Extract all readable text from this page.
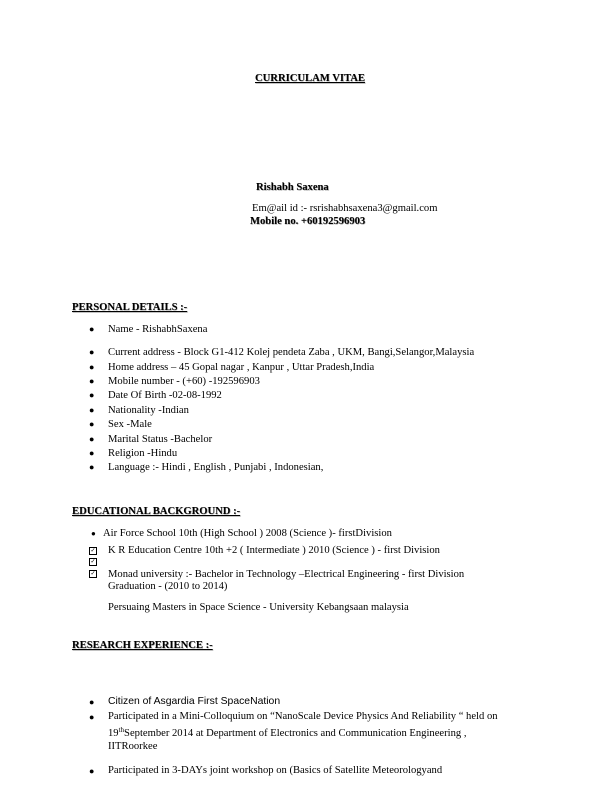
CURRICULAM VITAE
Rishabh Saxena
Em@ail id :- rsrishabhsaxena3@gmail.com
Mobile no. +60192596903
PERSONAL DETAILS :-
● Name - RishabhSaxena
● Current address - Block G1-412 Kolej pendeta Zaba , UKM, Bangi,Selangor,Malaysia
● Home address – 45 Gopal nagar , Kanpur , Uttar Pradesh,India
● Mobile number - (+60) -192596903
● Date Of Birth -02-08-1992
● Nationality -Indian
● Sex -Male
● Marital Status -Bachelor
● Religion -Hindu
● Language :- Hindi , English , Punjabi , Indonesian,
EDUCATIONAL BACKGROUND :-
● Air Force School 10th (High School ) 2008 (Science )- firstDivision
✓ K R Education Centre 10th +2 ( Intermediate ) 2010 (Science ) - first Division
✓
✓ Monad university :- Bachelor in Technology –Electrical Engineering - first Division
Graduation - (2010 to 2014)
Persuaing Masters in Space Science - University Kebangsaan malaysia
RESEARCH EXPERIENCE :-
● Citizen of Asgardia First SpaceNation
● Participated in a Mini-Colloquium on “NanoScale Device Physics And Reliability “ held on
19thSeptember 2014 at Department of Electronics and Communication Engineering ,
IITRoorkee
● Participated in 3-DAYs joint workshop on (Basics of Satellite Meteorologyand
